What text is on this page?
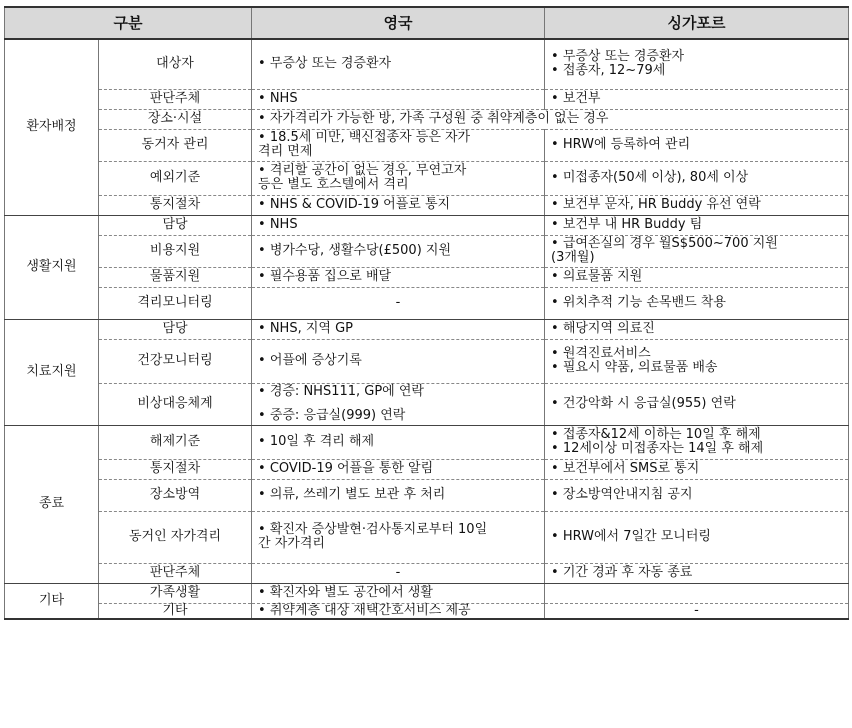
구분		영국	싱가포르
환자배정	대상자	• 무증상 또는 경증환자	• 무증상 또는 경증환자
• 접종자, 12~79세

	판단주체	• NHS	• 보건부

	장소·시설	• 자가격리가 가능한 방, 가족 구성원 중 취약계층이 없는 경우	
	동거자 관리	• 18.5세 미만, 백신접종자 등은 자가
격리 면제	• HRW에 등록하여 관리

	예외기준	• 격리할 공간이 없는 경우, 무연고자
등은 별도 호스텔에서 격리	• 미접종자(50세 이상), 80세 이상

	통지절차	• NHS & COVID-19 어플로 통지	• 보건부 문자, HR Buddy 유선 연락

생활지원	담당	• NHS	• 보건부 내 HR Buddy 팀

	비용지원	• 병가수당, 생활수당(£500) 지원	• 급여손실의 경우 월S$500~700 지원
(3개월)

	물품지원	• 필수용품 집으로 배달	• 의료물품 지원

	격리모니터링	-	• 위치추적 기능 손목밴드 착용

치료지원	담당	• NHS, 지역 GP	• 해당지역 의료진

	건강모니터링	• 어플에 증상기록	• 원격진료서비스
• 필요시 약품, 의료물품 배송

	비상대응체계	• 경증: NHS111, GP에 연락
• 중증: 응급실(999) 연락	• 건강악화 시 응급실(955) 연락

종료	해제기준	• 10일 후 격리 해제	• 접종자&12세 이하는 10일 후 해제
• 12세이상 미접종자는 14일 후 해제

	통지절차	• COVID-19 어플을 통한 알림	• 보건부에서 SMS로 통지

	장소방역	• 의류, 쓰레기 별도 보관 후 처리	• 장소방역안내지침 공지

	동거인 자가격리	• 확진자 증상발현·검사통지로부터 10일
간 자가격리	• HRW에서 7일간 모니터링

	판단주체	-	• 기간 경과 후 자동 종료

기타	가족생활	• 확진자와 별도 공간에서 생활	

	기타	• 취약계층 대상 재택간호서비스 제공	-
